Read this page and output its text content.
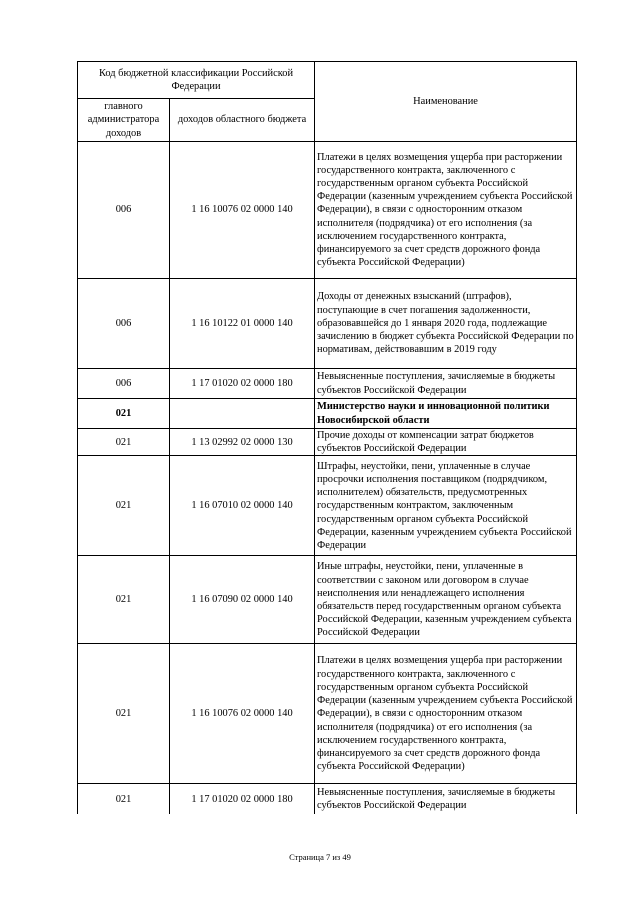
Код бюджетной классификации Российской Федерации		Наименование
главного администратора доходов	доходов областного бюджета	
006	1 16 10076 02 0000 140	Платежи в целях возмещения ущерба при расторжении государственного контракта, заключенного с государственным органом субъекта Российской Федерации (казенным учреждением субъекта Российской Федерации), в связи с односторонним отказом исполнителя (подрядчика) от его исполнения (за исключением государственного контракта, финансируемого за счет средств дорожного фонда субъекта Российской Федерации)
006	1 16 10122 01 0000 140	Доходы от денежных взысканий (штрафов), поступающие в счет погашения задолженности, образовавшейся до 1 января 2020 года, подлежащие зачислению в бюджет субъекта Российской Федерации по нормативам, действовавшим в 2019 году
006	1 17 01020 02 0000 180	Невыясненные поступления, зачисляемые в бюджеты субъектов Российской Федерации
021		Министерство науки и инновационной политики Новосибирской области
021	1 13 02992 02 0000 130	Прочие доходы от компенсации затрат бюджетов субъектов Российской Федерации
021	1 16 07010 02 0000 140	Штрафы, неустойки, пени, уплаченные в случае просрочки исполнения поставщиком (подрядчиком, исполнителем) обязательств, предусмотренных государственным контрактом, заключенным государственным органом субъекта Российской Федерации, казенным учреждением субъекта Российской Федерации
021	1 16 07090 02 0000 140	Иные штрафы, неустойки, пени, уплаченные в соответствии с законом или договором в случае неисполнения или ненадлежащего исполнения обязательств перед государственным органом субъекта Российской Федерации, казенным учреждением субъекта Российской Федерации
021	1 16 10076 02 0000 140	Платежи в целях возмещения ущерба при расторжении государственного контракта, заключенного с государственным органом субъекта Российской Федерации (казенным учреждением субъекта Российской Федерации), в связи с односторонним отказом исполнителя (подрядчика) от его исполнения (за исключением государственного контракта, финансируемого за счет средств дорожного фонда субъекта Российской Федерации)
021	1 17 01020 02 0000 180	Невыясненные поступления, зачисляемые в бюджеты субъектов Российской Федерации
Страница 7 из 49
